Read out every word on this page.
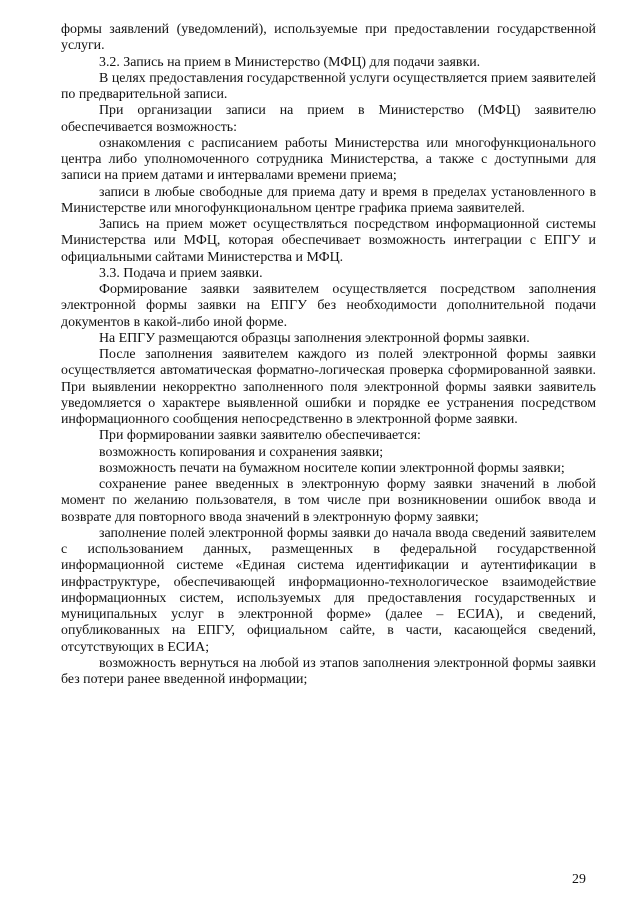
формы заявлений (уведомлений), используемые при предоставлении государственной услуги.

3.2. Запись на прием в Министерство (МФЦ) для подачи заявки.

В целях предоставления государственной услуги осуществляется прием заявителей по предварительной записи.

При организации записи на прием в Министерство (МФЦ) заявителю обеспечивается возможность:

ознакомления с расписанием работы Министерства или многофункционального центра либо уполномоченного сотрудника Министерства, а также с доступными для записи на прием датами и интервалами времени приема;

записи в любые свободные для приема дату и время в пределах установленного в Министерстве или многофункциональном центре графика приема заявителей.

Запись на прием может осуществляться посредством информационной системы Министерства или МФЦ, которая обеспечивает возможность интеграции с ЕПГУ и официальными сайтами Министерства и МФЦ.

3.3. Подача и прием заявки.

Формирование заявки заявителем осуществляется посредством заполнения электронной формы заявки на ЕПГУ без необходимости дополнительной подачи документов в какой-либо иной форме.

На ЕПГУ размещаются образцы заполнения электронной формы заявки.

После заполнения заявителем каждого из полей электронной формы заявки осуществляется автоматическая форматно-логическая проверка сформированной заявки. При выявлении некорректно заполненного поля электронной формы заявки заявитель уведомляется о характере выявленной ошибки и порядке ее устранения посредством информационного сообщения непосредственно в электронной форме заявки.

При формировании заявки заявителю обеспечивается:

возможность копирования и сохранения заявки;

возможность печати на бумажном носителе копии электронной формы заявки;

сохранение ранее введенных в электронную форму заявки значений в любой момент по желанию пользователя, в том числе при возникновении ошибок ввода и возврате для повторного ввода значений в электронную форму заявки;

заполнение полей электронной формы заявки до начала ввода сведений заявителем с использованием данных, размещенных в федеральной государственной информационной системе «Единая система идентификации и аутентификации в инфраструктуре, обеспечивающей информационно-технологическое взаимодействие информационных систем, используемых для предоставления государственных и муниципальных услуг в электронной форме» (далее – ЕСИА), и сведений, опубликованных на ЕПГУ, официальном сайте, в части, касающейся сведений, отсутствующих в ЕСИА;

возможность вернуться на любой из этапов заполнения электронной формы заявки без потери ранее введенной информации;

29
